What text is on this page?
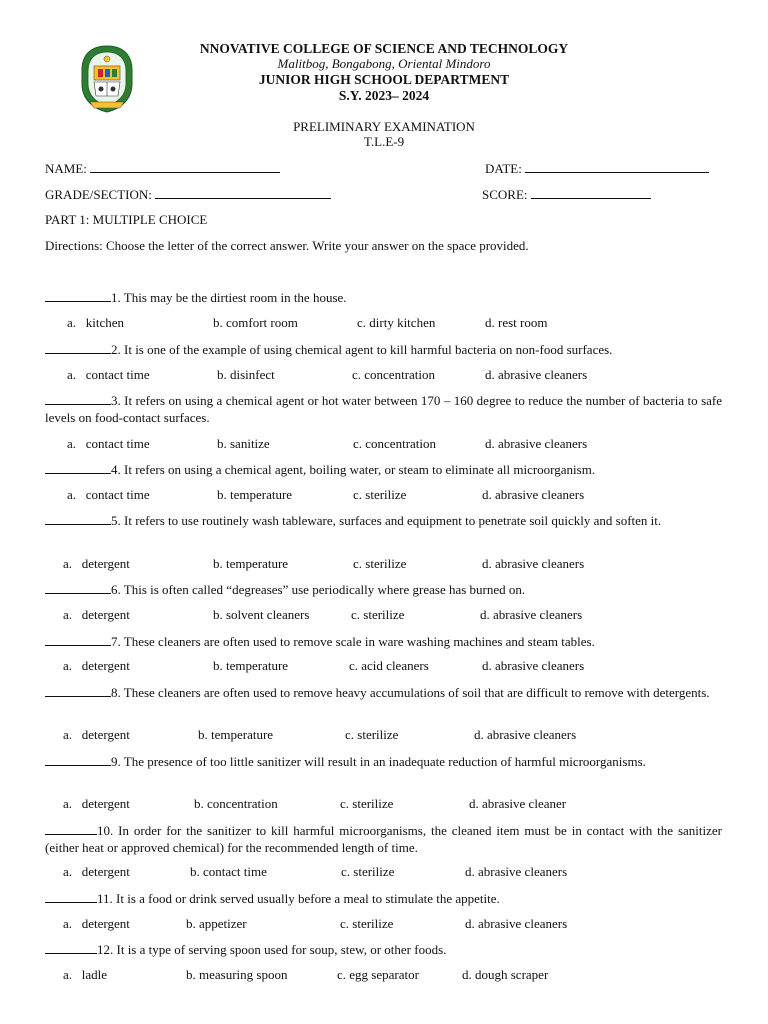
NNOVATIVE COLLEGE OF SCIENCE AND TECHNOLOGY
Malitbog, Bongabong, Oriental Mindoro
JUNIOR HIGH SCHOOL DEPARTMENT
S.Y. 2023– 2024
PRELIMINARY EXAMINATION
T.L.E-9
NAME:	DATE:
GRADE/SECTION:	SCORE:
PART 1: MULTIPLE CHOICE
Directions: Choose the letter of the correct answer. Write your answer on the space provided.
1. This may be the dirtiest room in the house.
a.   kitchen	b. comfort room	c. dirty kitchen	d. rest room
2. It is one of the example of using chemical agent to kill harmful bacteria on non-food surfaces.
a.   contact time	b. disinfect	c. concentration	d. abrasive cleaners
3. It refers on using a chemical agent or hot water between 170 – 160 degree to reduce the number of bacteria to safe levels on food-contact surfaces.
a.   contact time	b. sanitize	c. concentration	d. abrasive cleaners
4. It refers on using a chemical agent, boiling water, or steam to eliminate all microorganism.
a.   contact time	b. temperature	c. sterilize	d. abrasive cleaners
5. It refers to use routinely wash tableware, surfaces and equipment to penetrate soil quickly and soften it.
a.   detergent	b. temperature	c. sterilize	d. abrasive cleaners
6. This is often called “degreases” use periodically where grease has burned on.
a.   detergent	b. solvent cleaners	c. sterilize	d. abrasive cleaners
7. These cleaners are often used to remove scale in ware washing machines and steam tables.
a.   detergent	b. temperature	c. acid cleaners	d. abrasive cleaners
8. These cleaners are often used to remove heavy accumulations of soil that are difficult to remove with detergents.
a.   detergent	b. temperature	c. sterilize	d. abrasive cleaners
9. The presence of too little sanitizer will result in an inadequate reduction of harmful microorganisms.
a.   detergent	b. concentration	c. sterilize	d. abrasive cleaner
10. In order for the sanitizer to kill harmful microorganisms, the cleaned item must be in contact with the sanitizer (either heat or approved chemical) for the recommended length of time.
a.   detergent	b. contact time	c. sterilize	d. abrasive cleaners
11. It is a food or drink served usually before a meal to stimulate the appetite.
a.   detergent	b. appetizer	c. sterilize	d. abrasive cleaners
12. It is a type of serving spoon used for soup, stew, or other foods.
a.   ladle	b. measuring spoon	c. egg separator	d. dough scraper
